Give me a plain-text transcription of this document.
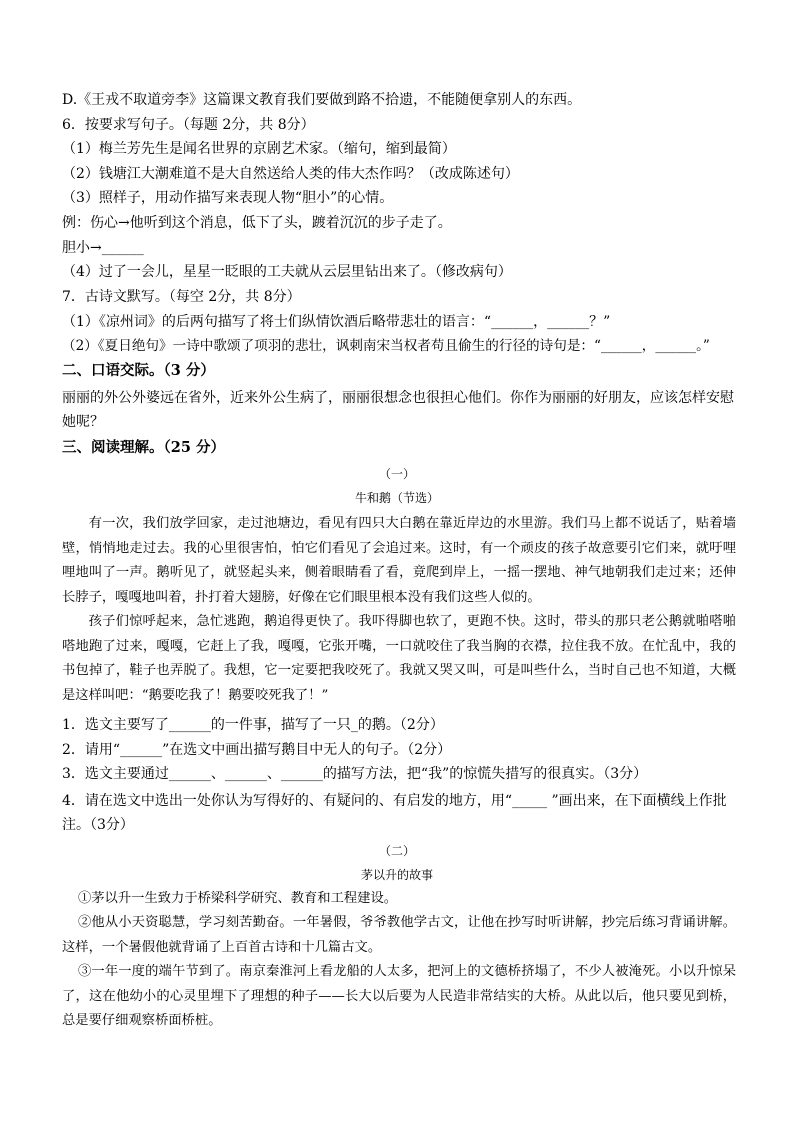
D.《王戎不取道旁李》这篇课文教育我们要做到路不拾遗，不能随便拿别人的东西。
6．按要求写句子。（每题 2分，共 8分）
（1）梅兰芳先生是闻名世界的京剧艺术家。（缩句，缩到最简）
（2）钱塘江大潮难道不是大自然送给人类的伟大杰作吗？（改成陈述句）
（3）照样子，用动作描写来表现人物“胆小”的心情。
例：伤心→他听到这个消息，低下了头，踱着沉沉的步子走了。
胆小→______
（4）过了一会儿，星星一眨眼的工夫就从云层里钻出来了。（修改病句）
7．古诗文默写。（每空 2分，共 8分）
（1）《凉州词》的后两句描写了将士们纵情饮酒后略带悲壮的语言：“______，______？”
（2）《夏日绝句》一诗中歌颂了项羽的悲壮，讽刺南宋当权者苟且偷生的行径的诗句是：“______，______。”
二、口语交际。（3 分）
丽丽的外公外婆远在省外，近来外公生病了，丽丽很想念也很担心他们。你作为丽丽的好朋友，应该怎样安慰她呢？
三、阅读理解。（25 分）
（一）
牛和鹅（节选）
有一次，我们放学回家，走过池塘边，看见有四只大白鹅在靠近岸边的水里游。我们马上都不说话了，贴着墙壁，悄悄地走过去。我的心里很害怕，怕它们看见了会追过来。这时，有一个顽皮的孩子故意要引它们来，就吁哩哩地叫了一声。鹅听见了，就竖起头来，侧着眼睛看了看，竟爬到岸上，一摇一摆地、神气地朝我们走过来；还伸长脖子，嘎嘎地叫着，扑打着大翅膀，好像在它们眼里根本没有我们这些人似的。
孩子们惊呼起来，急忙逃跑，鹅追得更快了。我吓得脚也软了，更跑不快。这时，带头的那只老公鹅就啪嗒啪嗒地跑了过来，嘎嘎，它赶上了我，嘎嘎，它张开嘴，一口就咬住了我当胸的衣襟，拉住我不放。在忙乱中，我的书包掉了，鞋子也弄脱了。我想，它一定要把我咬死了。我就又哭又叫，可是叫些什么，当时自己也不知道，大概是这样叫吧：“鹅要吃我了！鹅要咬死我了！”
1．选文主要写了______的一件事，描写了一只_的鹅。（2分）
2．请用“______”在选文中画出描写鹅目中无人的句子。（2分）
3．选文主要通过______、______、______的描写方法，把“我”的惊慌失措写的很真实。（3分）
4．请在选文中选出一处你认为写得好的、有疑问的、有启发的地方，用“_____ ”画出来，在下面横线上作批注。（3分）
（二）
茅以升的故事
①茅以升一生致力于桥梁科学研究、教育和工程建设。
②他从小天资聪慧，学习刻苦勤奋。一年暑假，爷爷教他学古文，让他在抄写时听讲解，抄完后练习背诵讲解。这样，一个暑假他就背诵了上百首古诗和十几篇古文。
③一年一度的端午节到了。南京秦淮河上看龙船的人太多，把河上的文德桥挤塌了，不少人被淹死。小以升惊呆了，这在他幼小的心灵里埋下了理想的种子——长大以后要为人民造非常结实的大桥。从此以后，他只要见到桥，总是要仔细观察桥面桥桩。
